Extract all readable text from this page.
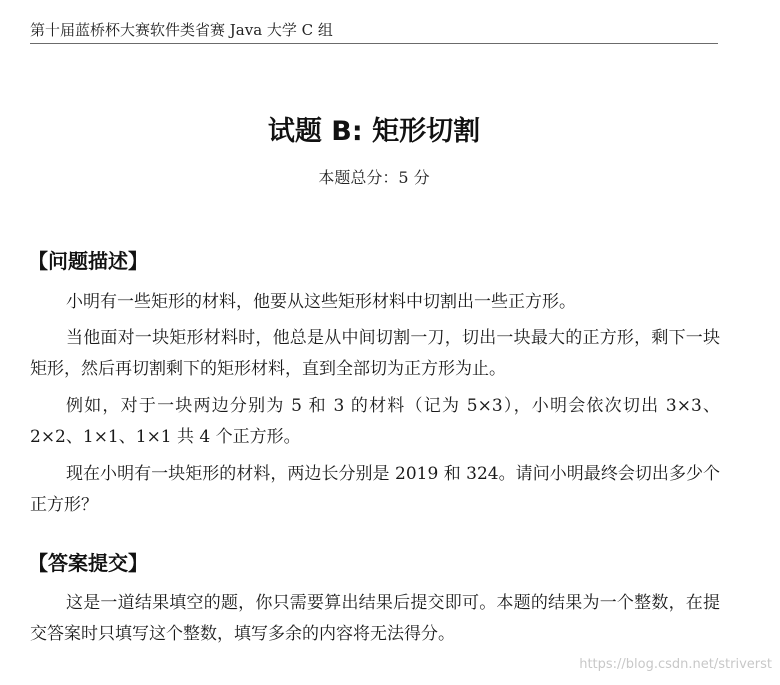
第十届蓝桥杯大赛软件类省赛 Java 大学 C 组
试题 B: 矩形切割
本题总分：5 分
【问题描述】
小明有一些矩形的材料，他要从这些矩形材料中切割出一些正方形。
当他面对一块矩形材料时，他总是从中间切割一刀，切出一块最大的正方形，剩下一块矩形，然后再切割剩下的矩形材料，直到全部切为正方形为止。
例如，对于一块两边分别为 5 和 3 的材料（记为 5×3），小明会依次切出 3×3、2×2、1×1、1×1 共 4 个正方形。
现在小明有一块矩形的材料，两边长分别是 2019 和 324。请问小明最终会切出多少个正方形？
【答案提交】
这是一道结果填空的题，你只需要算出结果后提交即可。本题的结果为一个整数，在提交答案时只填写这个整数，填写多余的内容将无法得分。
https://blog.csdn.net/striverst
